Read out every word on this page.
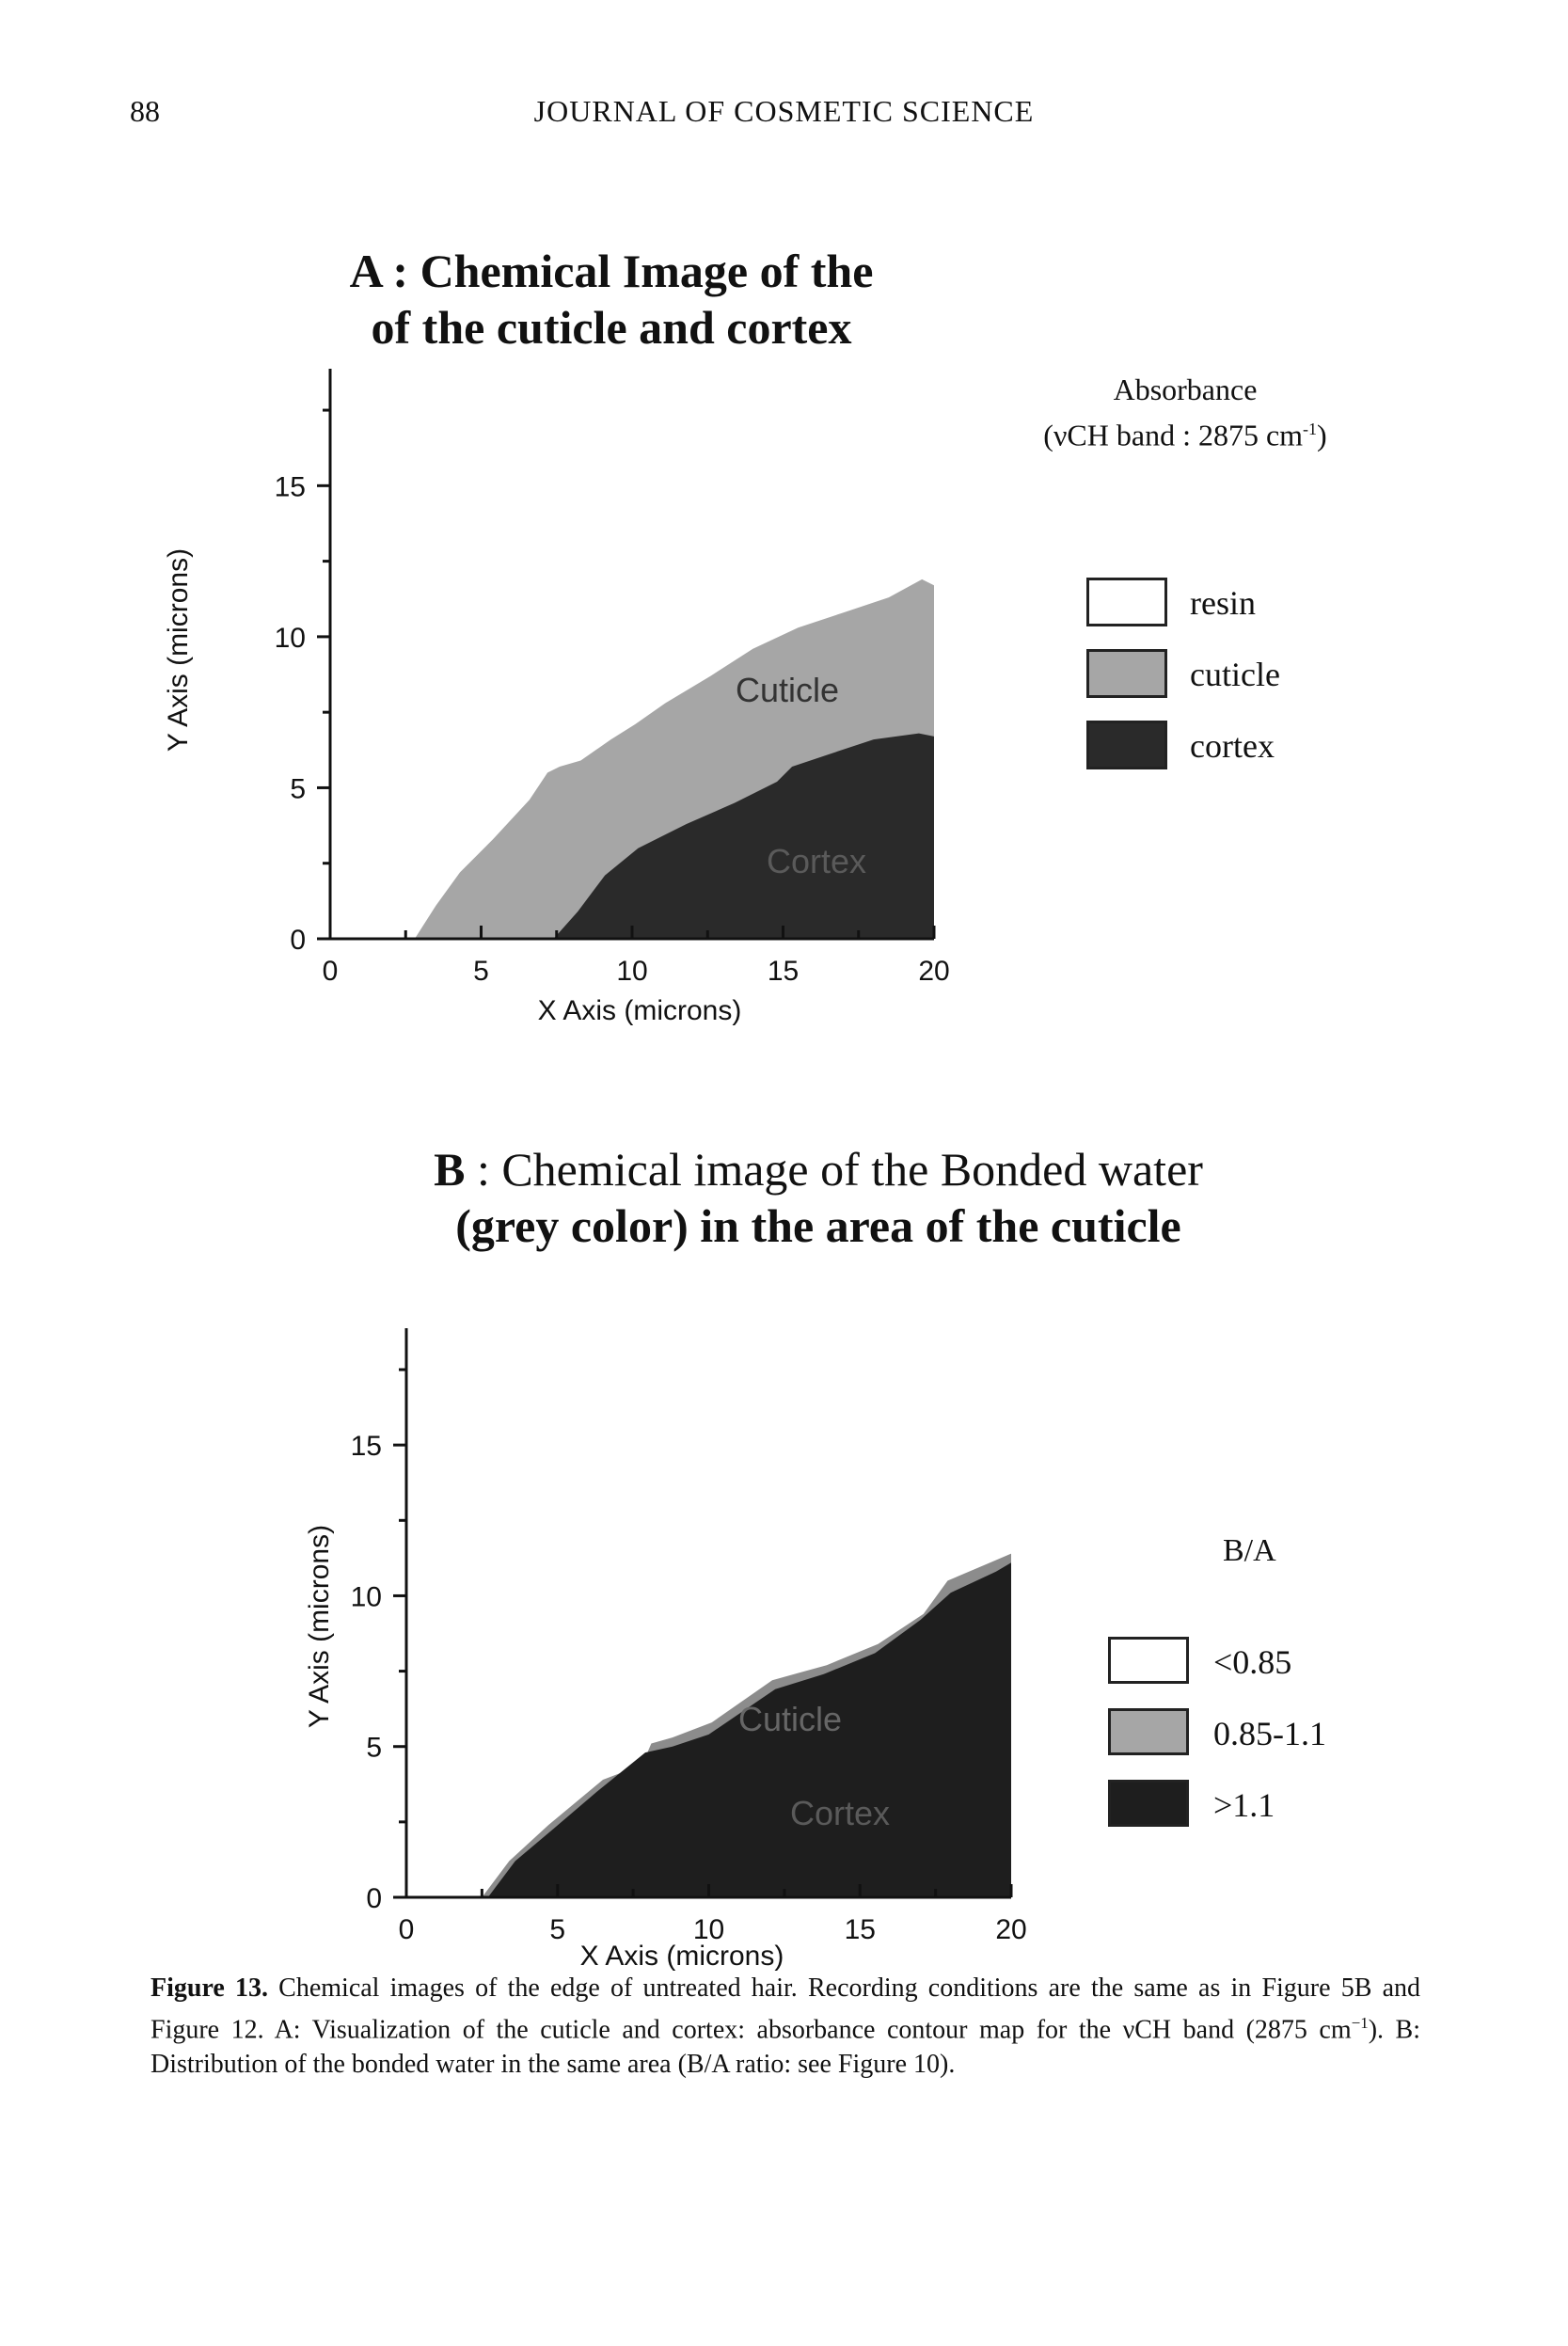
88	JOURNAL OF COSMETIC SCIENCE
A : Chemical Image of the
of the cuticle and cortex
Cuticle
Cortex
0	5	10	15	20
0
5
10
15
Y Axis (microns)
X Axis (microns)
Absorbance
(νCH band : 2875 $cm^{-1}$)
resin
cuticle
cortex
B : Chemical image of the Bonded water
(grey color) in the area of the cuticle
Cuticle
Cortex
0	5	10	15	20
0
5
10
15
Y Axis (microns)
X Axis (microns)
B/A
<0.85
0.85-1.1
>1.1
Figure 13. Chemical images of the edge of untreated hair. Recording conditions are the same as in Figure 5B and Figure 12. A: Visualization of the cuticle and cortex: absorbance contour map for the νCH band (2875 $cm^{-1}$). B: Distribution of the bonded water in the same area (B/A ratio: see Figure 10).
